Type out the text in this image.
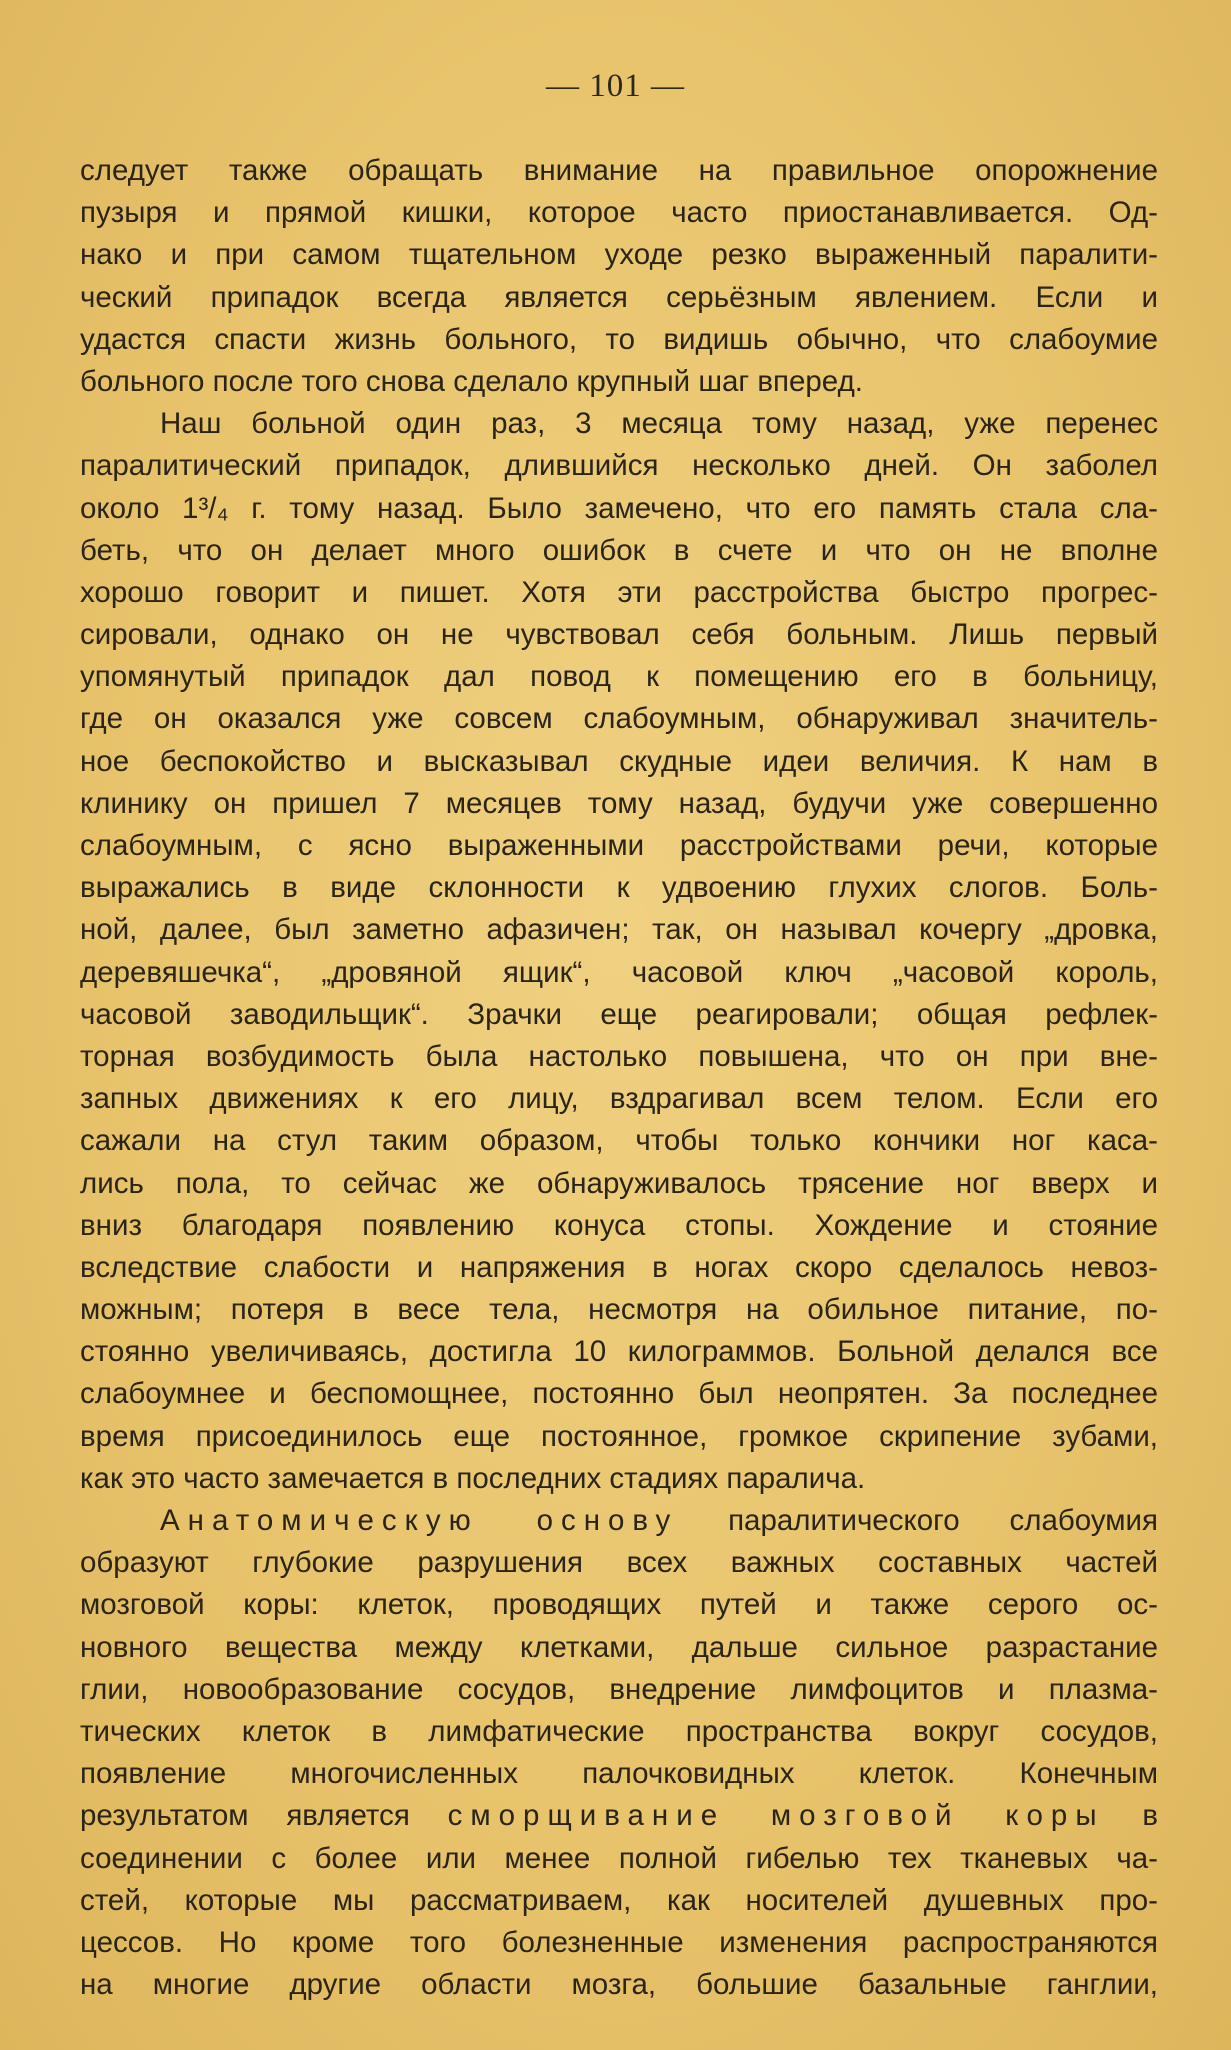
— 101 —
следует также обращать внимание на правильное опорожнение
пузыря и прямой кишки, которое часто приостанавливается. Од-
нако и при самом тщательном уходе резко выраженный паралити-
ческий припадок всегда является серьёзным явлением. Если и
удастся спасти жизнь больного, то видишь обычно, что слабоумие
больного после того снова сделало крупный шаг вперед.
Наш больной один раз, 3 месяца тому назад, уже перенес
паралитический припадок, длившийся несколько дней. Он заболел
около 1³/₄ г. тому назад. Было замечено, что его память стала сла-
беть, что он делает много ошибок в счете и что он не вполне
хорошо говорит и пишет. Хотя эти расстройства быстро прогрес-
сировали, однако он не чувствовал себя больным. Лишь первый
упомянутый припадок дал повод к помещению его в больницу,
где он оказался уже совсем слабоумным, обнаруживал значитель-
ное беспокойство и высказывал скудные идеи величия. К нам в
клинику он пришел 7 месяцев тому назад, будучи уже совершенно
слабоумным, с ясно выраженными расстройствами речи, которые
выражались в виде склонности к удвоению глухих слогов. Боль-
ной, далее, был заметно афазичен; так, он называл кочергу „дровка,
деревяшечка“, „дровяной ящик“, часовой ключ „часовой король,
часовой заводильщик“. Зрачки еще реагировали; общая рефлек-
торная возбудимость была настолько повышена, что он при вне-
запных движениях к его лицу, вздрагивал всем телом. Если его
сажали на стул таким образом, чтобы только кончики ног каса-
лись пола, то сейчас же обнаруживалось трясение ног вверх и
вниз благодаря появлению конуса стопы. Хождение и стояние
вследствие слабости и напряжения в ногах скоро сделалось невоз-
можным; потеря в весе тела, несмотря на обильное питание, по-
стоянно увеличиваясь, достигла 10 килограммов. Больной делался все
слабоумнее и беспомощнее, постоянно был неопрятен. За последнее
время присоединилось еще постоянное, громкое скрипение зубами,
как это часто замечается в последних стадиях паралича.
Анатомическую основу паралитического слабоумия
образуют глубокие разрушения всех важных составных частей
мозговой коры: клеток, проводящих путей и также серого ос-
новного вещества между клетками, дальше сильное разрастание
глии, новообразование сосудов, внедрение лимфоцитов и плазма-
тических клеток в лимфатические пространства вокруг сосудов,
появление многочисленных палочковидных клеток. Конечным
результатом является сморщивание мозговой коры в
соединении с более или менее полной гибелью тех тканевых ча-
стей, которые мы рассматриваем, как носителей душевных про-
цессов. Но кроме того болезненные изменения распространяются
на многие другие области мозга, большие базальные ганглии,
